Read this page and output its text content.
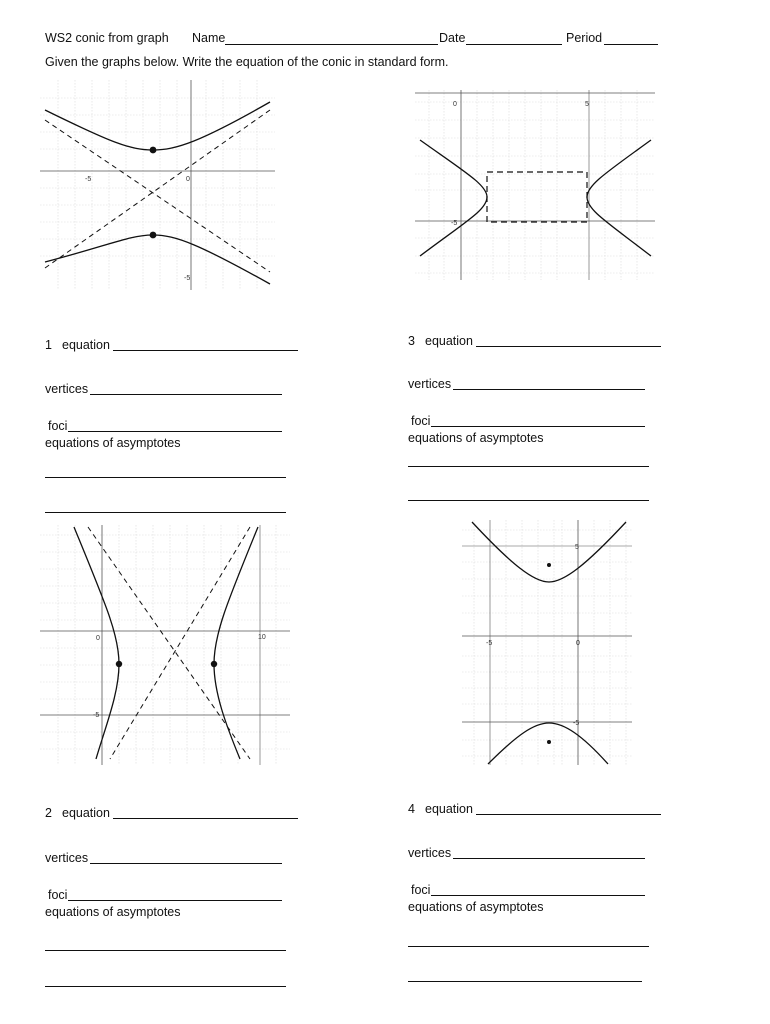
WS2 conic from graph Name	Date	Period
Given the graphs below. Write the equation of the conic in standard form.
-5	0
-5
0	5
-5
1 equation
vertices
foci
equations of asymptotes
3 equation
vertices
foci
equations of asymptotes
0	10
-5
5
-5	0
-5
2 equation
vertices
foci
equations of asymptotes
4 equation
vertices
foci
equations of asymptotes
